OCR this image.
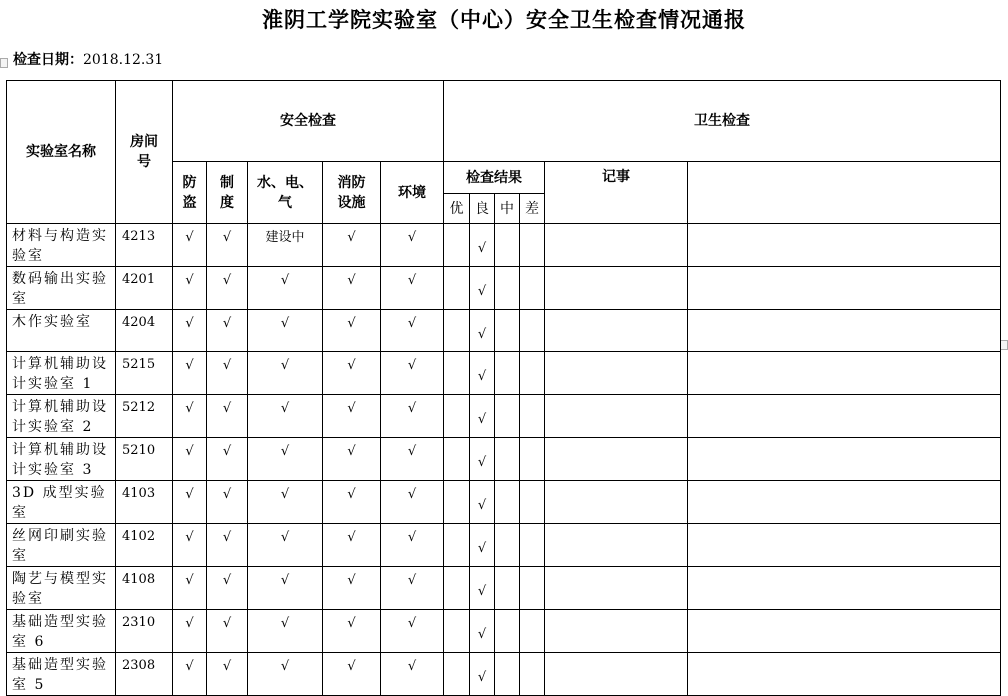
淮阴工学院实验室（中心）安全卫生检查情况通报
检查日期：2018.12.31
实验室名称	房间号	安全检查					卫生检查	
		防盗	制度	水、电、气	消防设施	环境	检查结果				记事		
							优	良	中	差			
材料与构造实验室	4213	√	√	建设中	√	√		√					
数码输出实验室	4201	√	√	√	√	√		√					
木作实验室	4204	√	√	√	√	√		√					
计算机辅助设计实验室 1	5215	√	√	√	√	√		√					
计算机辅助设计实验室 2	5212	√	√	√	√	√		√					
计算机辅助设计实验室 3	5210	√	√	√	√	√		√					
3D 成型实验室	4103	√	√	√	√	√		√					
丝网印刷实验室	4102	√	√	√	√	√		√					
陶艺与模型实验室	4108	√	√	√	√	√		√					
基础造型实验室 6	2310	√	√	√	√	√		√					
基础造型实验室 5	2308	√	√	√	√	√		√					
